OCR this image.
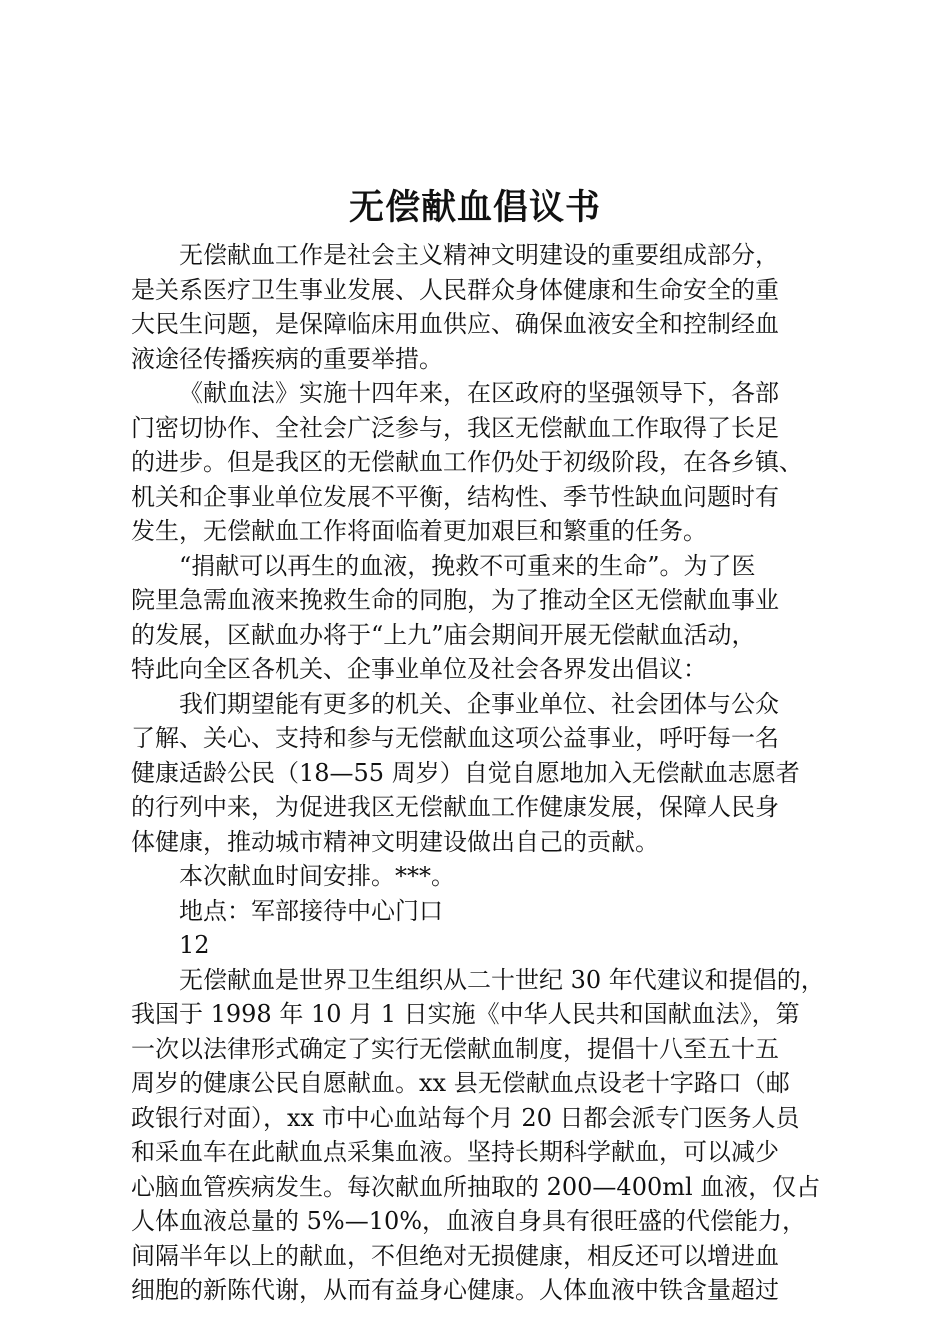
无偿献血倡议书
无偿献血工作是社会主义精神文明建设的重要组成部分，
是关系医疗卫生事业发展、人民群众身体健康和生命安全的重
大民生问题，是保障临床用血供应、确保血液安全和控制经血
液途径传播疾病的重要举措。
《献血法》实施十四年来，在区政府的坚强领导下，各部
门密切协作、全社会广泛参与，我区无偿献血工作取得了长足
的进步。但是我区的无偿献血工作仍处于初级阶段，在各乡镇、
机关和企事业单位发展不平衡，结构性、季节性缺血问题时有
发生，无偿献血工作将面临着更加艰巨和繁重的任务。
“捐献可以再生的血液，挽救不可重来的生命”。为了医
院里急需血液来挽救生命的同胞，为了推动全区无偿献血事业
的发展，区献血办将于“上九”庙会期间开展无偿献血活动，
特此向全区各机关、企事业单位及社会各界发出倡议：
我们期望能有更多的机关、企事业单位、社会团体与公众
了解、关心、支持和参与无偿献血这项公益事业，呼吁每一名
健康适龄公民（18—55 周岁）自觉自愿地加入无偿献血志愿者
的行列中来，为促进我区无偿献血工作健康发展，保障人民身
体健康，推动城市精神文明建设做出自己的贡献。
本次献血时间安排。***。
地点：军部接待中心门口
12
无偿献血是世界卫生组织从二十世纪 30 年代建议和提倡的，
我国于 1998 年 10 月 1 日实施《中华人民共和国献血法》，第
一次以法律形式确定了实行无偿献血制度，提倡十八至五十五
周岁的健康公民自愿献血。xx 县无偿献血点设老十字路口（邮
政银行对面），xx 市中心血站每个月 20 日都会派专门医务人员
和采血车在此献血点采集血液。坚持长期科学献血，可以减少
心脑血管疾病发生。每次献血所抽取的 200—400ml 血液，仅占
人体血液总量的 5%—10%，血液自身具有很旺盛的代偿能力，
间隔半年以上的献血，不但绝对无损健康，相反还可以增进血
细胞的新陈代谢，从而有益身心健康。人体血液中铁含量超过
